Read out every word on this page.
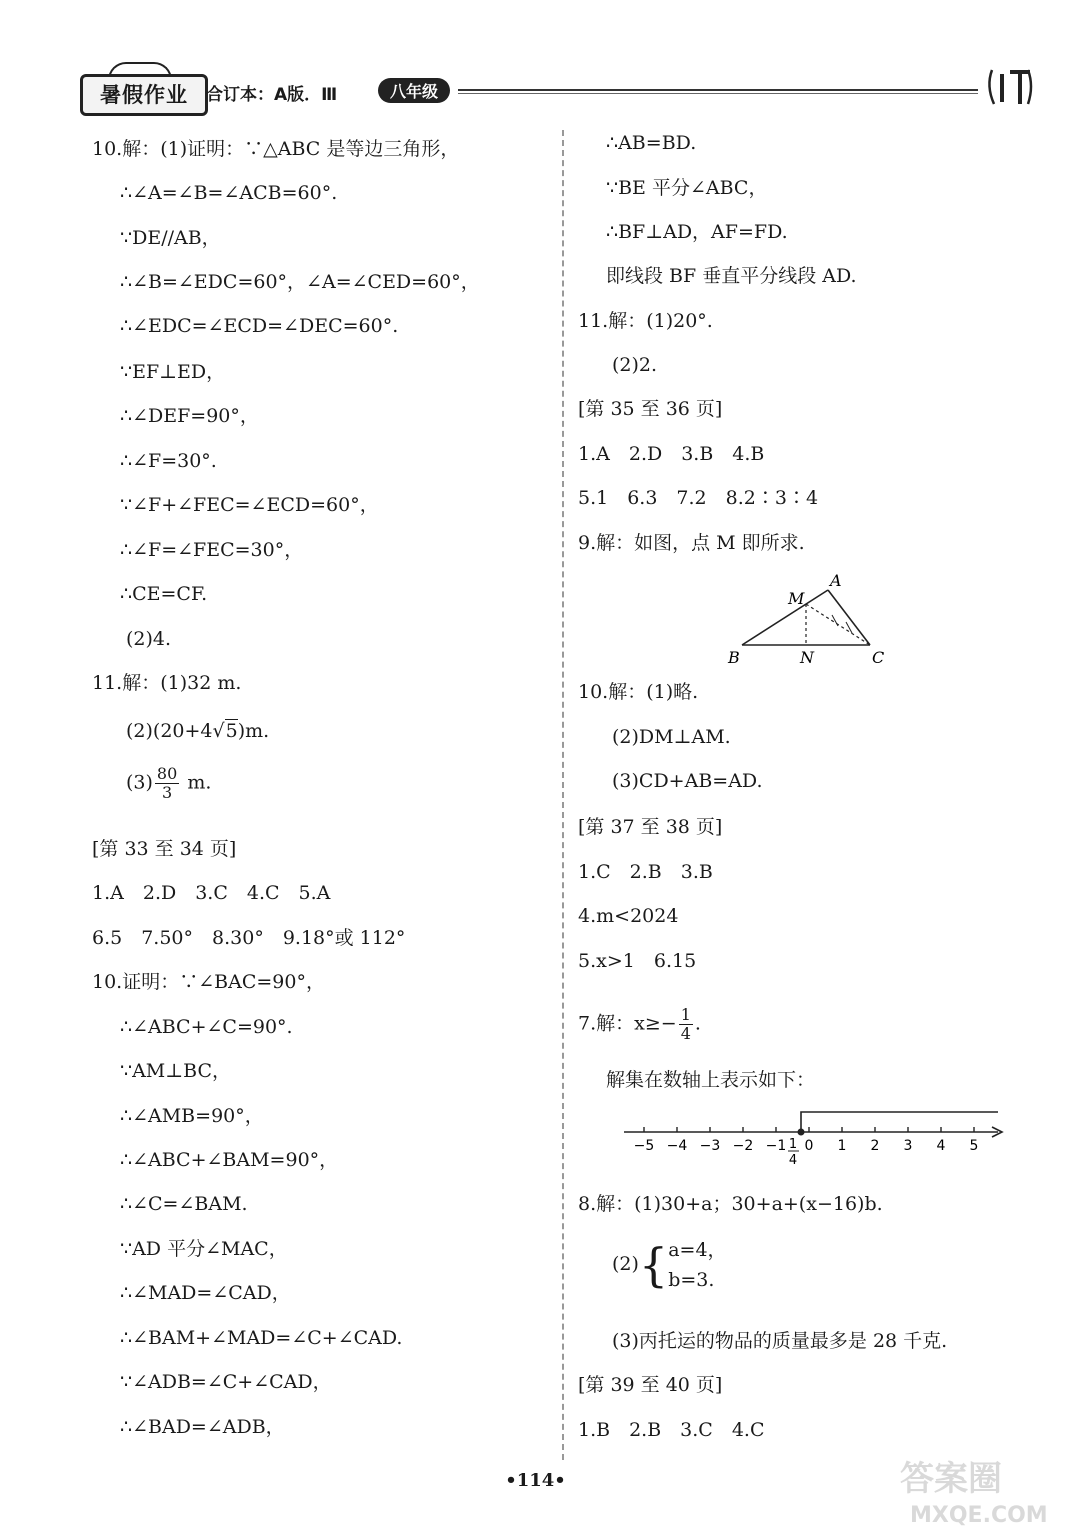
暑假作业	合订本：A版．Ⅲ	八年级
10.解：(1)证明：∵△ABC 是等边三角形，
∴∠A=∠B=∠ACB=60°.
∵DE//AB，
∴∠B=∠EDC=60°，∠A=∠CED=60°，
∴∠EDC=∠ECD=∠DEC=60°.
∵EF⊥ED，
∴∠DEF=90°，
∴∠F=30°.
∵∠F+∠FEC=∠ECD=60°，
∴∠F=∠FEC=30°，
∴CE=CF.
(2)4.
11.解：(1)32 m.
(2)(20+4√5)m.
$(3) \frac{80}{3} m$.
[第 33 至 34 页]
1.A　2.D　3.C　4.C　5.A
6.5　7.50°　8.30°　9.18°或 112°
10.证明：∵∠BAC=90°，
∴∠ABC+∠C=90°.
∵AM⊥BC，
∴∠AMB=90°，
∴∠ABC+∠BAM=90°，
∴∠C=∠BAM.
∵AD 平分∠MAC，
∴∠MAD=∠CAD，
∴∠BAM+∠MAD=∠C+∠CAD.
∵∠ADB=∠C+∠CAD，
∴∠BAD=∠ADB，
∴AB=BD.
∵BE 平分∠ABC，
∴BF⊥AD，AF=FD.
即线段 BF 垂直平分线段 AD.
11.解：(1)20°.
(2)2.
[第 35 至 36 页]
1.A　2.D　3.B　4.B
5.1　6.3　7.2　8.2∶3∶4
9.解：如图，点 M 即所求.
10.解：(1)略.
(2)DM⊥AM.
(3)CD+AB=AD.
[第 37 至 38 页]
1.C　2.B　3.B
4.m<2024
5.x>1　6.15
7.解：$x\ge- \frac{1}{4}$ .
解集在数轴上表示如下：
8.解：(1)30+a；30+a+(x−16)b.
(2){ a=4，
b=3.
(3)丙托运的物品的质量最多是 28 千克.
[第 39 至 40 页]
1.B　2.B　3.C　4.C
A
M
B	N	C
−5 −4 −3 −2 −1 0 1 2 3 4 5
4
1
•114•	答案圈
MXQE.COM
